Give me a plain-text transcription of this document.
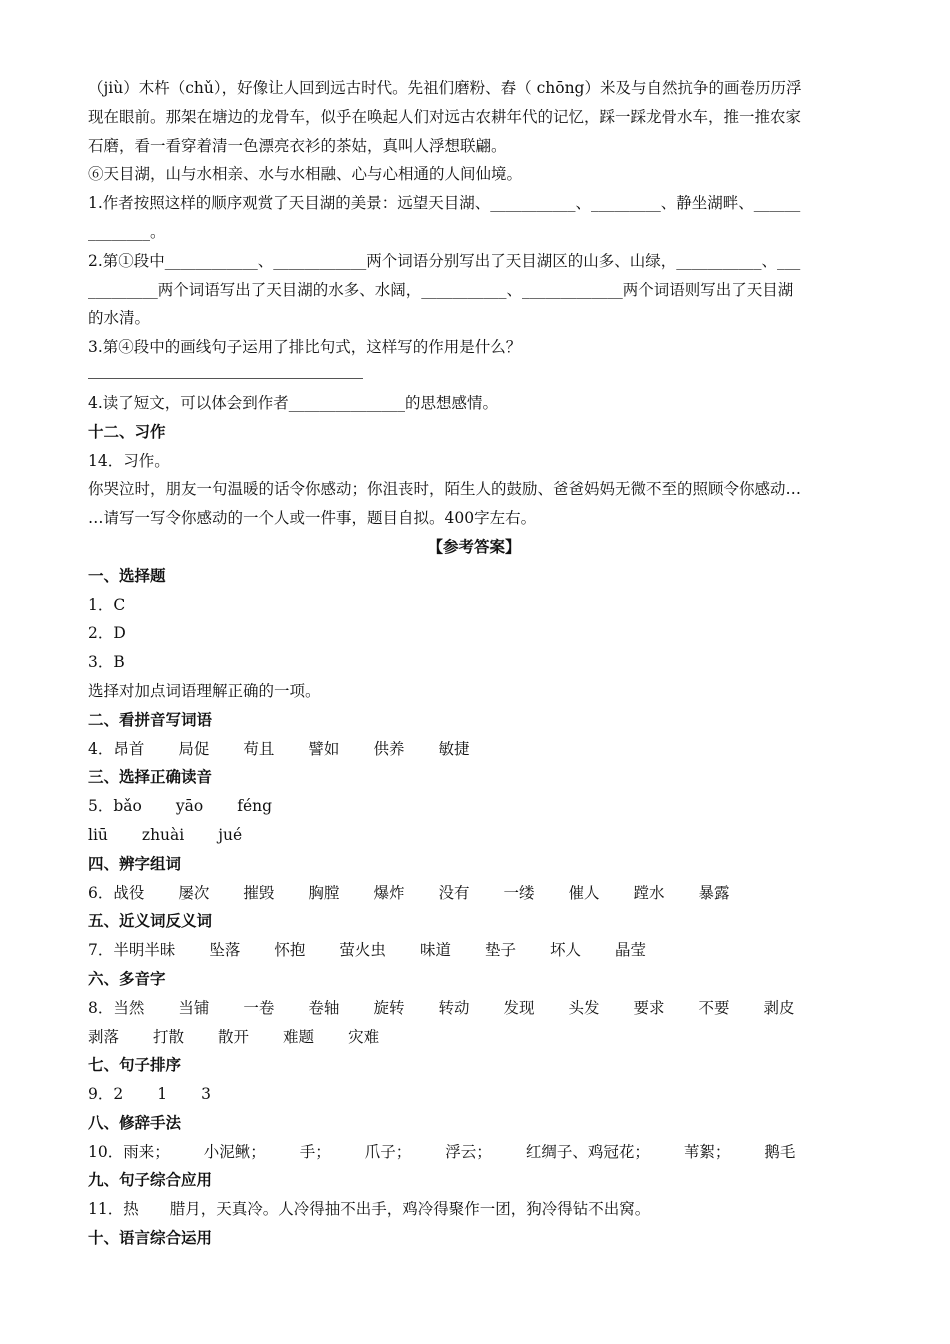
（jiù）木杵（chǔ），好像让人回到远古时代。先祖们磨粉、舂（ chōng）米及与自然抗争的画卷历历浮
现在眼前。那架在塘边的龙骨车，似乎在唤起人们对远古农耕年代的记忆，踩一踩龙骨水车，推一推农家
石磨，看一看穿着清一色漂亮衣衫的茶姑，真叫人浮想联翩。
⑥天目湖，山与水相亲、水与水相融、心与心相通的人间仙境。
1.作者按照这样的顺序观赏了天目湖的美景：远望天目湖、___________、_________、静坐湖畔、______
________。
2.第①段中____________、____________两个词语分别写出了天目湖区的山多、山绿，___________、___
_________两个词语写出了天目湖的水多、水阔，___________、_____________两个词语则写出了天目湖
的水清。
3.第④段中的画线句子运用了排比句式，这样写的作用是什么？
4.读了短文，可以体会到作者_______________的思想感情。
十二、习作
14．习作。
你哭泣时，朋友一句温暖的话令你感动；你沮丧时，陌生人的鼓励、爸爸妈妈无微不至的照顾令你感动…
…请写一写令你感动的一个人或一件事，题目自拟。400字左右。
【参考答案】
一、选择题
1．C
2．D
3．B
选择对加点词语理解正确的一项。
二、看拼音写词语
4．昂首 局促 苟且 譬如 供养 敏捷
三、选择正确读音
5．bǎo yāo féng
liū zhuài jué
四、辨字组词
6．战役 屡次 摧毁 胸膛 爆炸 没有 一缕 催人 蹚水 暴露
五、近义词反义词
7．半明半昧 坠落 怀抱 萤火虫 味道 垫子 坏人 晶莹
六、多音字
8．当然 当铺 一卷 卷轴 旋转 转动 发现 头发 要求 不要 剥皮
剥落 打散 散开 难题 灾难
七、句子排序
9．2 1 3
八、修辞手法
10．雨来； 小泥鳅； 手； 爪子； 浮云； 红绸子、鸡冠花； 苇絮； 鹅毛
九、句子综合应用
11．热　　腊月，天真冷。人冷得抽不出手，鸡冷得聚作一团，狗冷得钻不出窝。
十、语言综合运用
